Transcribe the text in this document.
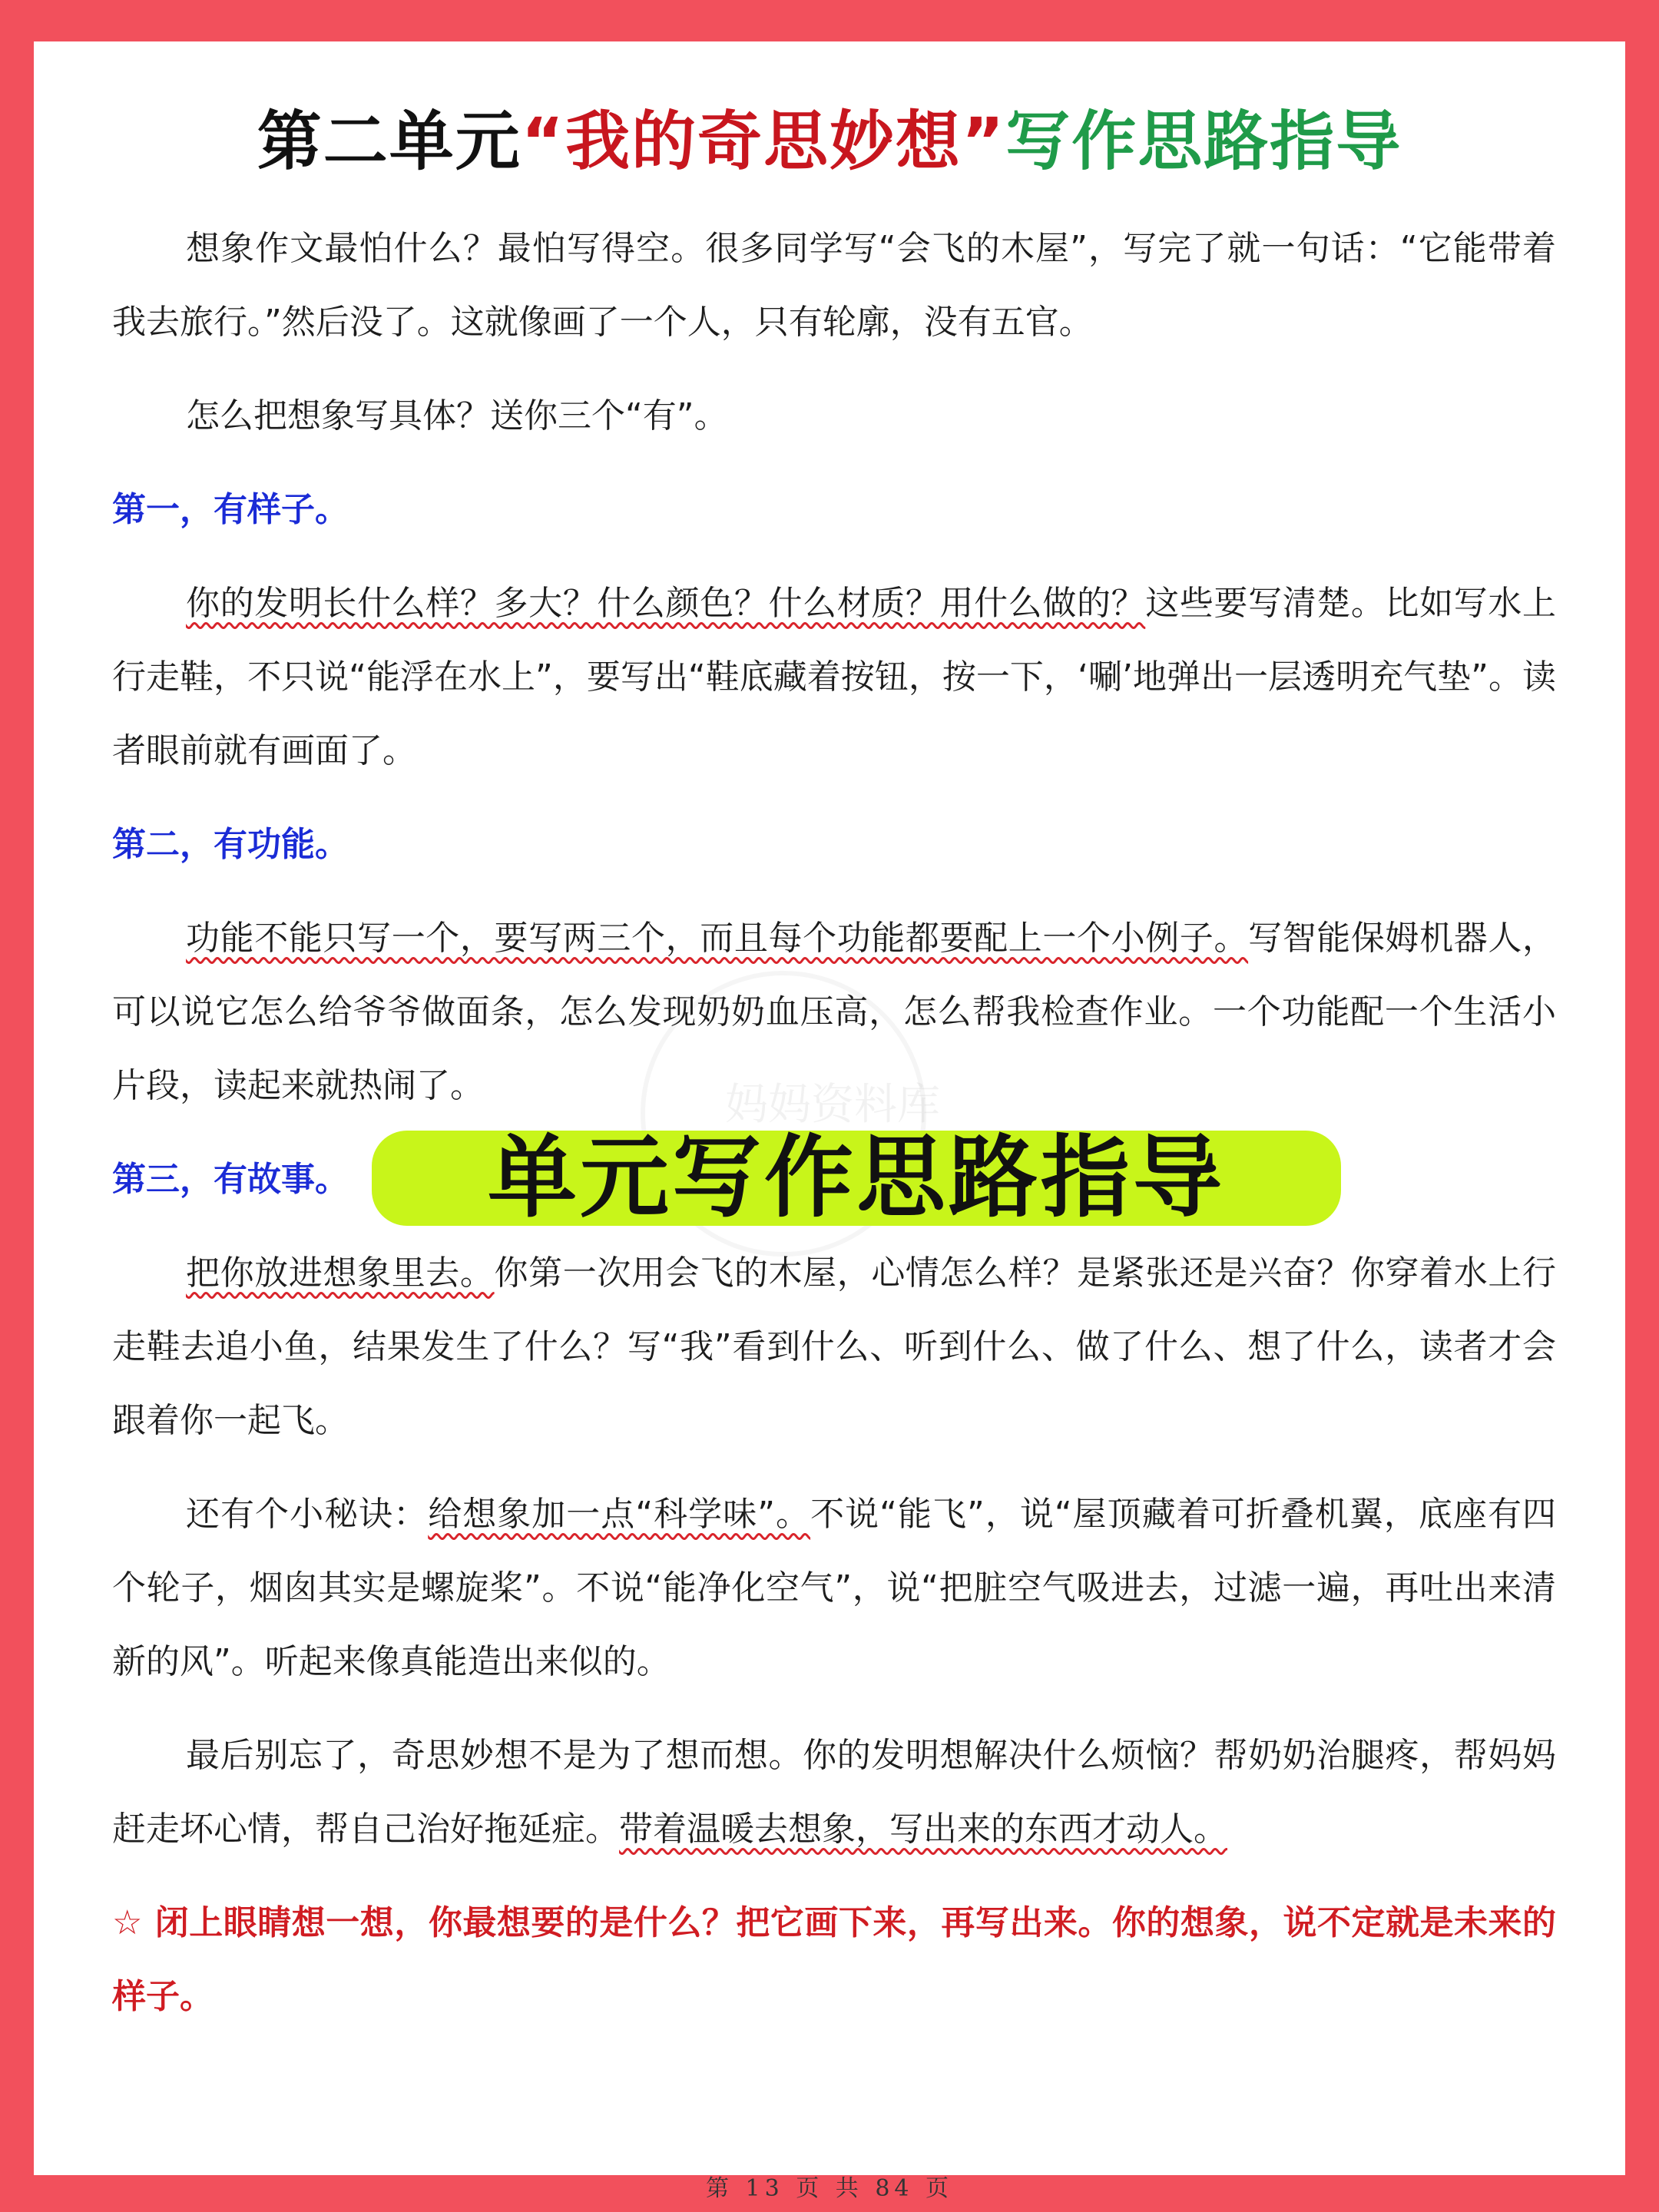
第二单元“我的奇思妙想”写作思路指导
妈妈资料库

想象作文最怕什么？最怕写得空。很多同学写“会飞的木屋”，写完了就一句话：“它能带着我去旅行。”然后没了。这就像画了一个人，只有轮廓，没有五官。

怎么把想象写具体？送你三个“有”。

第一，有样子。

你的发明长什么样？多大？什么颜色？什么材质？用什么做的？这些要写清楚。比如写水上行走鞋，不只说“能浮在水上”，要写出“鞋底藏着按钮，按一下，‘唰’地弹出一层透明充气垫”。读者眼前就有画面了。

第二，有功能。

功能不能只写一个，要写两三个，而且每个功能都要配上一个小例子。写智能保姆机器人，可以说它怎么给爷爷做面条，怎么发现奶奶血压高，怎么帮我检查作业。一个功能配一个生活小片段，读起来就热闹了。

第三，有故事。

把你放进想象里去。你第一次用会飞的木屋，心情怎么样？是紧张还是兴奋？你穿着水上行走鞋去追小鱼，结果发生了什么？写“我”看到什么、听到什么、做了什么、想了什么，读者才会跟着你一起飞。

还有个小秘诀：给想象加一点“科学味”。不说“能飞”，说“屋顶藏着可折叠机翼，底座有四个轮子，烟囱其实是螺旋桨”。不说“能净化空气”，说“把脏空气吸进去，过滤一遍，再吐出来清新的风”。听起来像真能造出来似的。

最后别忘了，奇思妙想不是为了想而想。你的发明想解决什么烦恼？帮奶奶治腿疼，帮妈妈赶走坏心情，帮自己治好拖延症。带着温暖去想象，写出来的东西才动人。

☆ 闭上眼睛想一想，你最想要的是什么？把它画下来，再写出来。你的想象，说不定就是未来的样子。

单元写作思路指导
第 13 页 共 84 页
